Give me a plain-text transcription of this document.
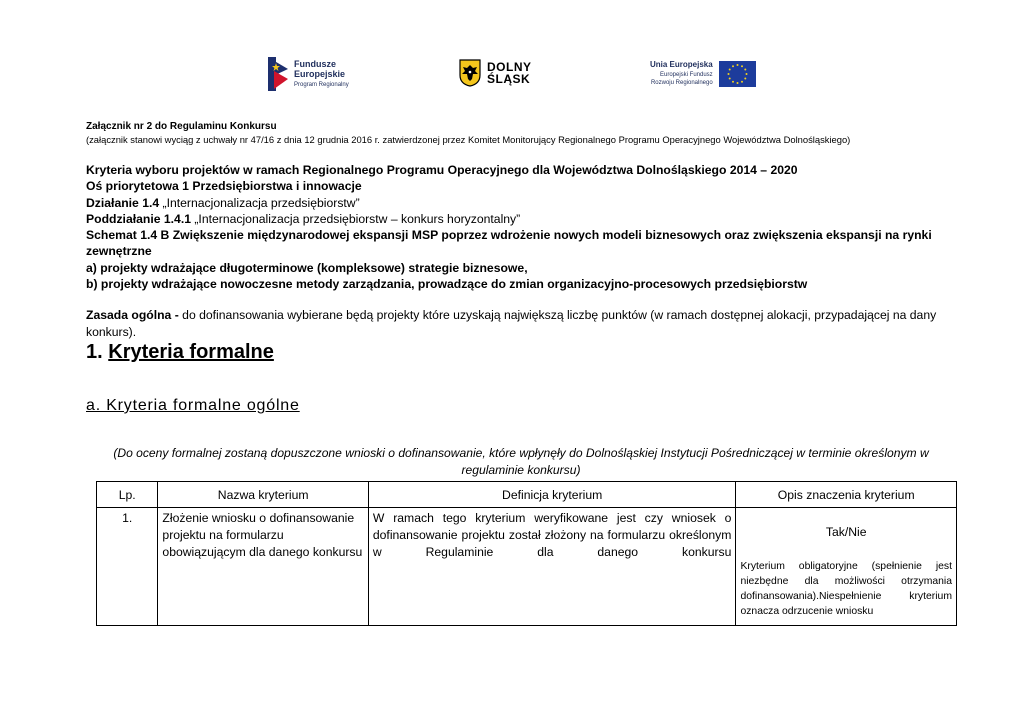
Fundusze
Europejskie
Program Regionalny
DOLNY
ŚLĄSK
Unia Europejska
Europejski Fundusz
Rozwoju Regionalnego
Załącznik nr 2 do Regulaminu Konkursu
(załącznik stanowi wyciąg z uchwały nr 47/16 z dnia 12 grudnia 2016 r. zatwierdzonej przez Komitet Monitorujący Regionalnego Programu Operacyjnego Województwa Dolnośląskiego)
Kryteria wyboru projektów w ramach Regionalnego Programu Operacyjnego dla Województwa Dolnośląskiego 2014 – 2020
Oś priorytetowa 1 Przedsiębiorstwa i innowacje
Działanie 1.4 „Internacjonalizacja przedsiębiorstw”
Poddziałanie 1.4.1 „Internacjonalizacja przedsiębiorstw – konkurs horyzontalny”
Schemat 1.4 B Zwiększenie międzynarodowej ekspansji MSP poprzez wdrożenie nowych modeli biznesowych oraz zwiększenia ekspansji na rynki zewnętrzne
a) projekty wdrażające długoterminowe (kompleksowe) strategie biznesowe,
b) projekty wdrażające nowoczesne metody zarządzania, prowadzące do zmian organizacyjno-procesowych przedsiębiorstw
Zasada ogólna - do dofinansowania wybierane będą projekty które uzyskają największą liczbę punktów (w ramach dostępnej alokacji, przypadającej na dany konkurs).
1. Kryteria formalne
a. Kryteria formalne ogólne
(Do oceny formalnej zostaną dopuszczone wnioski o dofinansowanie, które wpłynęły do Dolnośląskiej Instytucji Pośredniczącej w terminie określonym w regulaminie konkursu)
Lp.	Nazwa kryterium	Definicja kryterium	Opis znaczenia kryterium
1.	Złożenie wniosku o dofinansowanie projektu na formularzu obowiązującym dla danego konkursu	W ramach tego kryterium weryfikowane jest czy wniosek o dofinansowanie projektu został złożony na formularzu określonym w Regulaminie dla danego konkursu	Tak/Nie
Kryterium obligatoryjne (spełnienie jest niezbędne dla możliwości otrzymania dofinansowania).Niespełnienie kryterium oznacza odrzucenie wniosku
